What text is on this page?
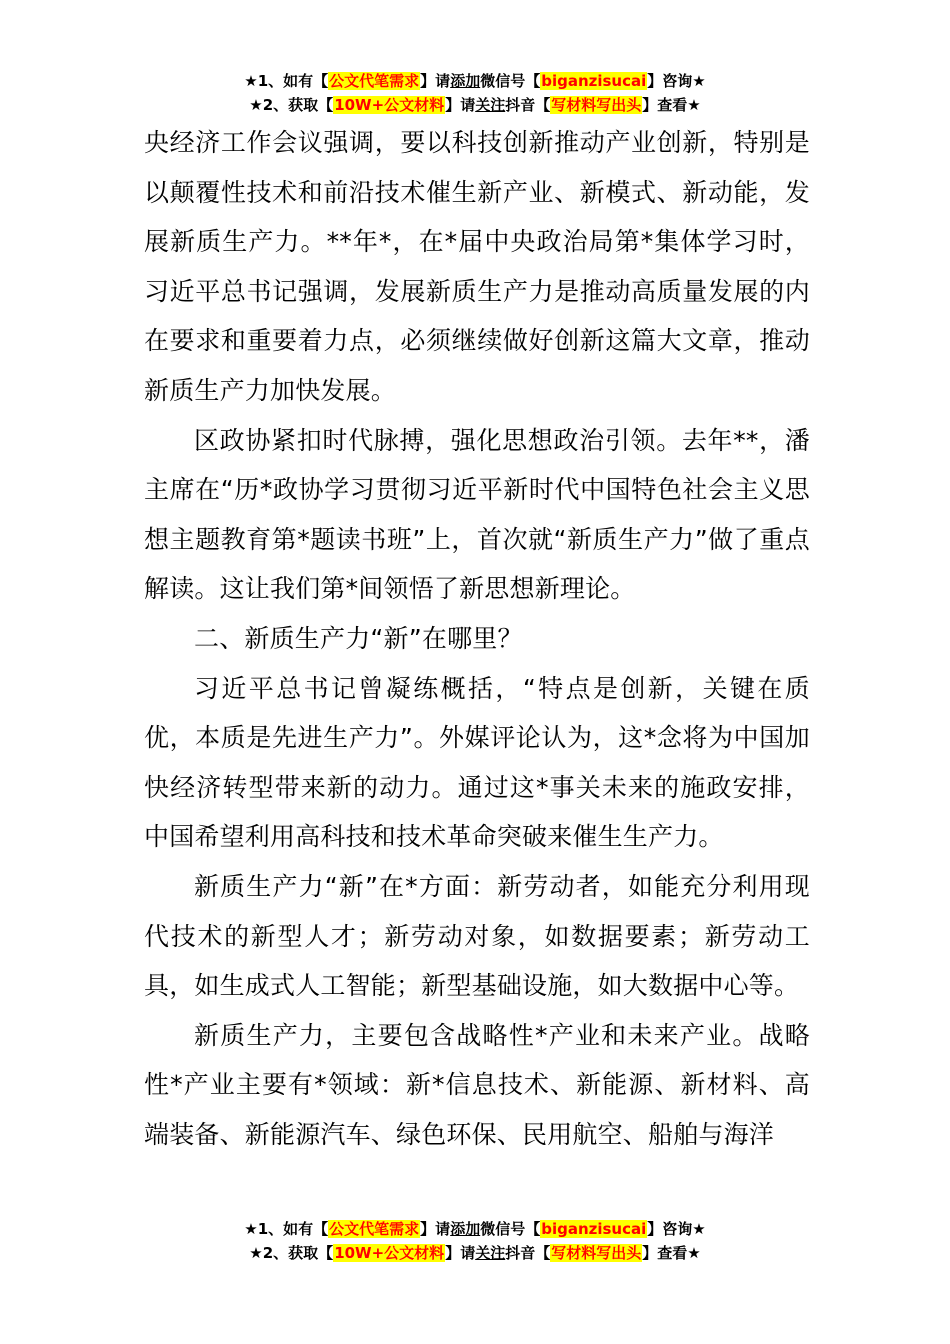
★1、如有【公文代笔需求】请添加微信号【biganzisucai】咨询★
★2、获取【10W+公文材料】请关注抖音【写材料写出头】查看★

央经济工作会议强调，要以科技创新推动产业创新，特别是以颠覆性技术和前沿技术催生新产业、新模式、新动能，发展新质生产力。**年*，在*届中央政治局第*集体学习时，习近平总书记强调，发展新质生产力是推动高质量发展的内在要求和重要着力点，必须继续做好创新这篇大文章，推动新质生产力加快发展。

区政协紧扣时代脉搏，强化思想政治引领。去年**，潘主席在“历*政协学习贯彻习近平新时代中国特色社会主义思想主题教育第*题读书班”上，首次就“新质生产力”做了重点解读。这让我们第*间领悟了新思想新理论。

二、新质生产力“新”在哪里？

习近平总书记曾凝练概括，“特点是创新，关键在质优，本质是先进生产力”。外媒评论认为，这*念将为中国加快经济转型带来新的动力。通过这*事关未来的施政安排，中国希望利用高科技和技术革命突破来催生生产力。

新质生产力“新”在*方面：新劳动者，如能充分利用现代技术的新型人才；新劳动对象，如数据要素；新劳动工具，如生成式人工智能；新型基础设施，如大数据中心等。

新质生产力，主要包含战略性*产业和未来产业。战略性*产业主要有*领域：新*信息技术、新能源、新材料、高端装备、新能源汽车、绿色环保、民用航空、船舶与海洋

★1、如有【公文代笔需求】请添加微信号【biganzisucai】咨询★
★2、获取【10W+公文材料】请关注抖音【写材料写出头】查看★
